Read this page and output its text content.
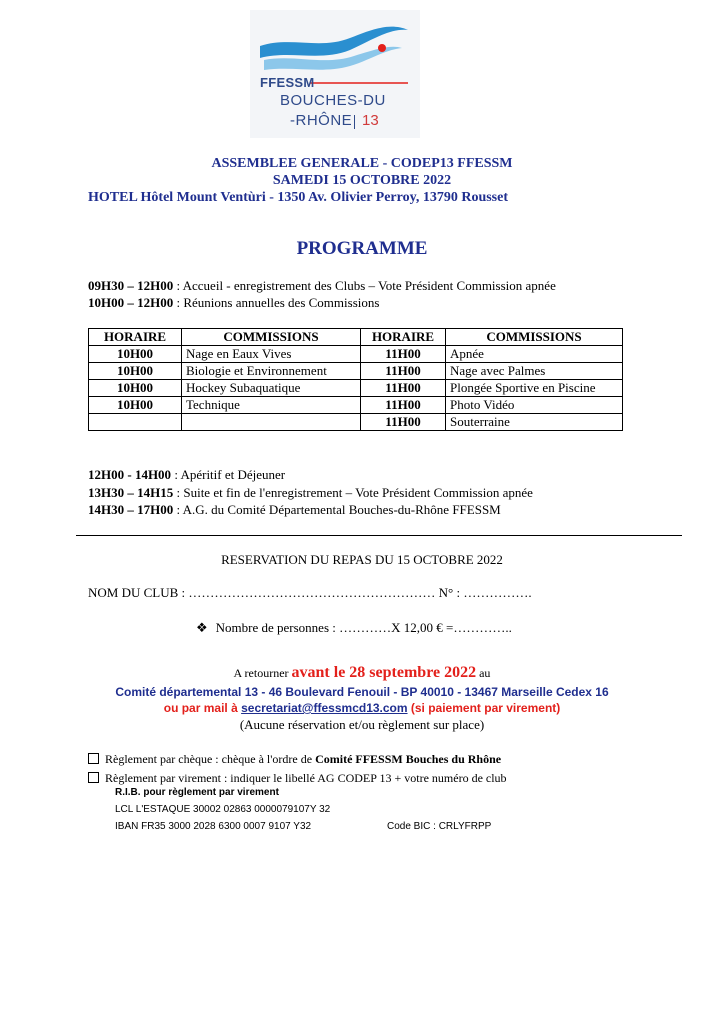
FFESSM
BOUCHES-DU
-RHÔNE 13
ASSEMBLEE GENERALE - CODEP13 FFESSM
SAMEDI 15 OCTOBRE 2022
HOTEL Hôtel Mount Ventùri - 1350 Av. Olivier Perroy, 13790 Rousset
PROGRAMME
09H30 – 12H00 : Accueil - enregistrement des Clubs – Vote Président Commission apnée
10H00 – 12H00 : Réunions annuelles des Commissions
HORAIRE	COMMISSIONS	HORAIRE	COMMISSIONS
10H00	Nage en Eaux Vives	11H00	Apnée
10H00	Biologie et Environnement	11H00	Nage avec Palmes
10H00	Hockey Subaquatique	11H00	Plongée Sportive en Piscine
10H00	Technique	11H00	Photo Vidéo
		11H00	Souterraine
12H00 - 14H00 : Apéritif et Déjeuner
13H30 – 14H15 : Suite et fin de l'enregistrement – Vote Président Commission apnée
14H30 – 17H00 : A.G. du Comité Départemental Bouches-du-Rhône FFESSM
RESERVATION DU REPAS DU 15 OCTOBRE 2022
NOM DU CLUB : ………………………………………………… N° : …………….
❖ Nombre de personnes : …………X 12,00 € =…………..
A retourner avant le 28 septembre 2022 au
Comité départemental 13 - 46 Boulevard Fenouil - BP 40010 - 13467 Marseille Cedex 16
ou par mail à secretariat@ffessmcd13.com (si paiement par virement)
(Aucune réservation et/ou règlement sur place)
Règlement par chèque : chèque à l'ordre de Comité FFESSM Bouches du Rhône
Règlement par virement : indiquer le libellé AG CODEP 13 + votre numéro de club
R.I.B. pour règlement par virement
LCL L'ESTAQUE 30002 02863 0000079107Y 32
IBAN FR35 3000 2028 6300 0007 9107 Y32	Code BIC : CRLYFRPP
